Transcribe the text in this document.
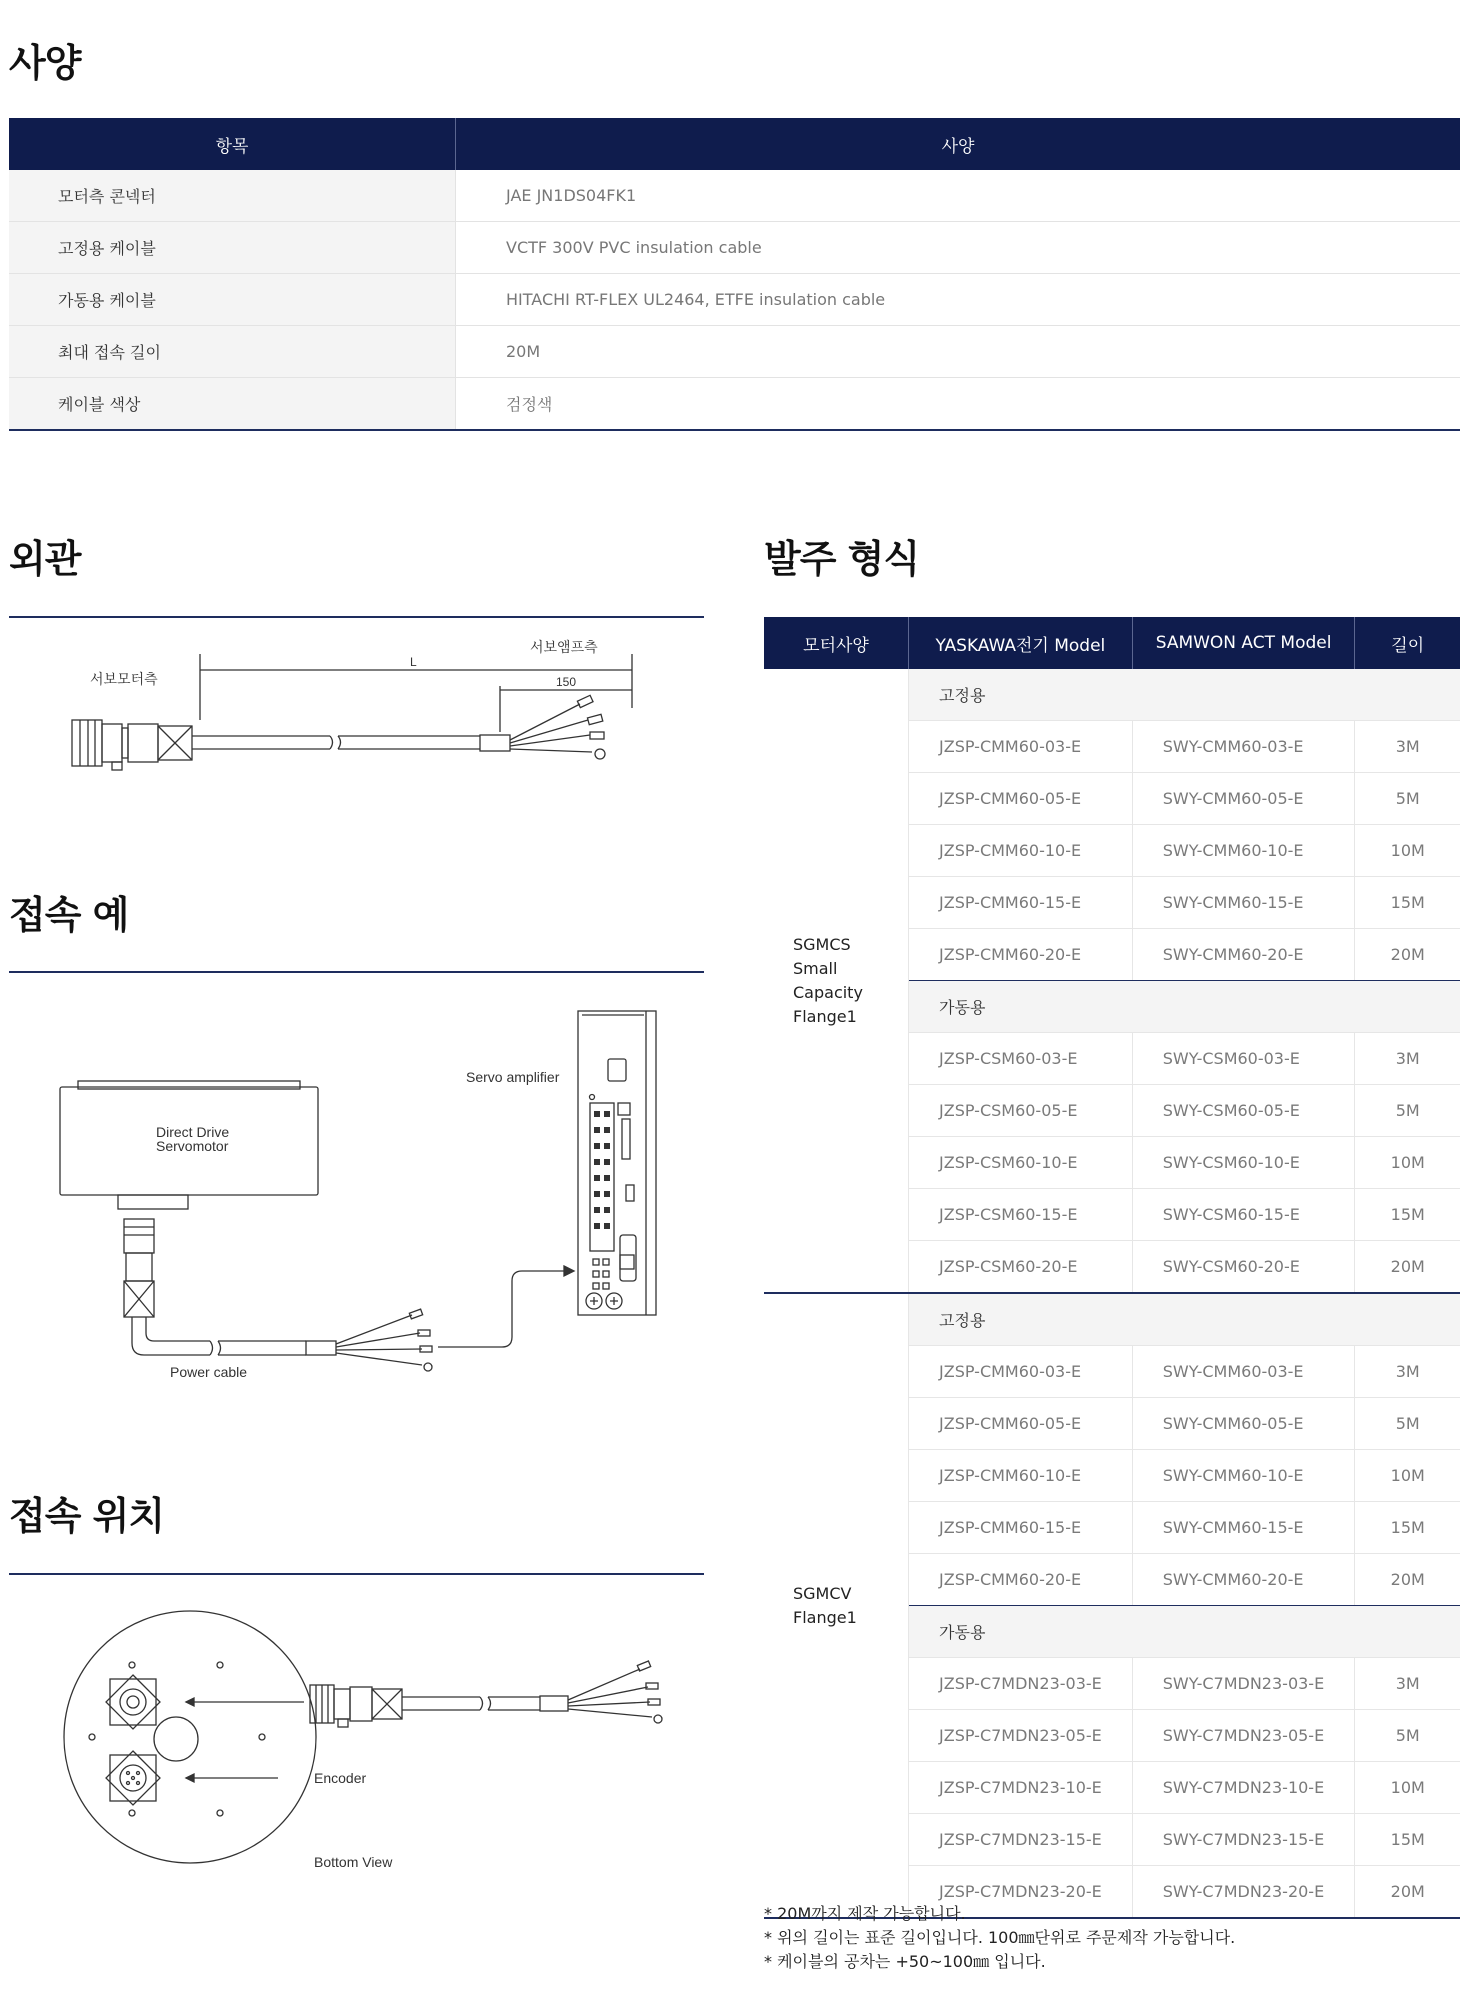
사양
항목	사양
모터측 콘넥터	JAE JN1DS04FK1
고정용 케이블	VCTF 300V PVC insulation cable
가동용 케이블	HITACHI RT-FLEX UL2464, ETFE insulation cable
최대 접속 길이	20M
케이블 색상	검정색
외관
서보모터측
서보앰프측
L
150
접속 예
Direct Drive
Servomotor
Servo amplifier
Power cable
접속 위치
Encoder
Bottom View
발주 형식
모터사양	YASKAWA전기 Model	SAMWON ACT Model	길이

SGMCS
Small
Capacity
Flange1	고정용		
	JZSP-CMM60-03-E	SWY-CMM60-03-E	3M
	JZSP-CMM60-05-E	SWY-CMM60-05-E	5M
	JZSP-CMM60-10-E	SWY-CMM60-10-E	10M
	JZSP-CMM60-15-E	SWY-CMM60-15-E	15M
	JZSP-CMM60-20-E	SWY-CMM60-20-E	20M
	가동용		
	JZSP-CSM60-03-E	SWY-CSM60-03-E	3M
	JZSP-CSM60-05-E	SWY-CSM60-05-E	5M
	JZSP-CSM60-10-E	SWY-CSM60-10-E	10M
	JZSP-CSM60-15-E	SWY-CSM60-15-E	15M
	JZSP-CSM60-20-E	SWY-CSM60-20-E	20M

SGMCV
Flange1	고정용		
	JZSP-CMM60-03-E	SWY-CMM60-03-E	3M
	JZSP-CMM60-05-E	SWY-CMM60-05-E	5M
	JZSP-CMM60-10-E	SWY-CMM60-10-E	10M
	JZSP-CMM60-15-E	SWY-CMM60-15-E	15M
	JZSP-CMM60-20-E	SWY-CMM60-20-E	20M
	가동용		
	JZSP-C7MDN23-03-E	SWY-C7MDN23-03-E	3M
	JZSP-C7MDN23-05-E	SWY-C7MDN23-05-E	5M
	JZSP-C7MDN23-10-E	SWY-C7MDN23-10-E	10M
	JZSP-C7MDN23-15-E	SWY-C7MDN23-15-E	15M
	JZSP-C7MDN23-20-E	SWY-C7MDN23-20-E	20M
* 20M까지 제작 가능합니다.
* 위의 길이는 표준 길이입니다. 100㎜단위로 주문제작 가능합니다.
* 케이블의 공차는 +50~100㎜ 입니다.
